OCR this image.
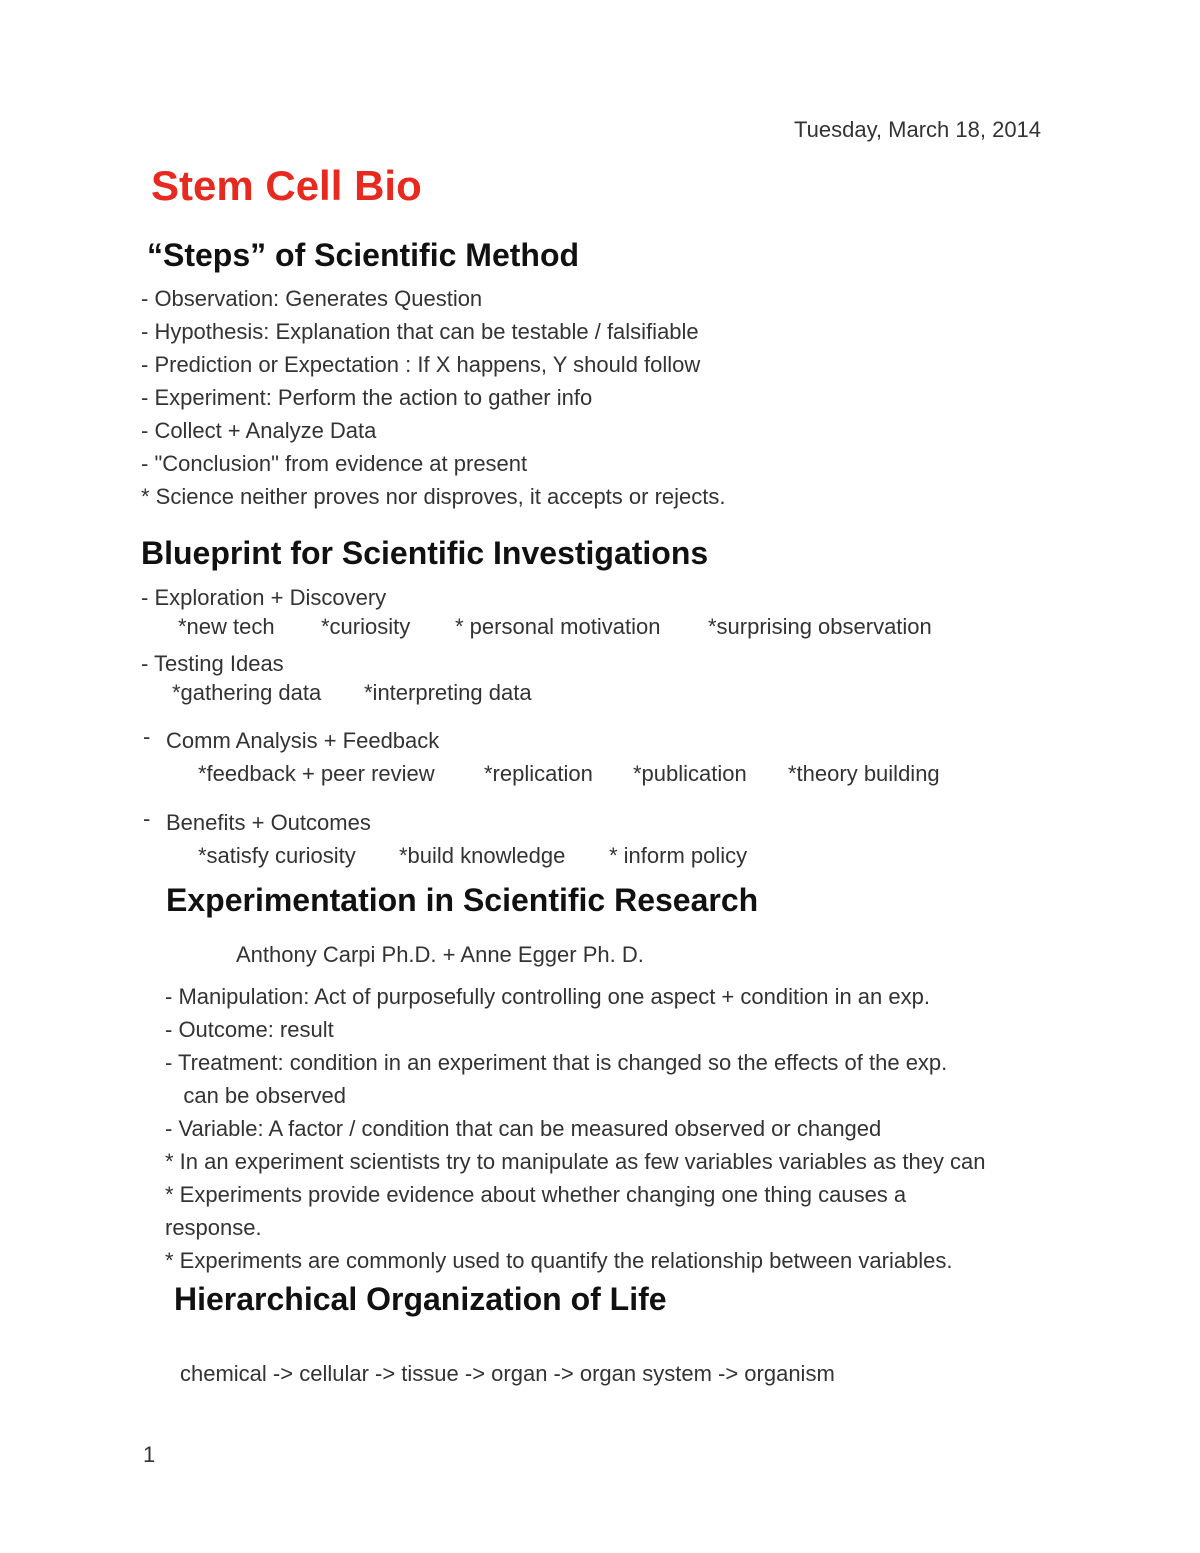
Tuesday, March 18, 2014
Stem Cell Bio
“Steps” of Scientific Method
- Observation: Generates Question
- Hypothesis: Explanation that can be testable / falsifiable
- Prediction or Expectation : If X happens, Y should follow
- Experiment: Perform the action to gather info
- Collect + Analyze Data
- "Conclusion" from evidence at present
* Science neither proves nor disproves, it accepts or rejects.
Blueprint for Scientific Investigations
- Exploration + Discovery
*new tech *curiosity * personal motivation *surprising observation
- Testing Ideas
*gathering data *interpreting data
- Comm Analysis + Feedback
*feedback + peer review *replication *publication *theory building
- Benefits + Outcomes
*satisfy curiosity *build knowledge * inform policy
Experimentation in Scientific Research
Anthony Carpi Ph.D. + Anne Egger Ph. D.
- Manipulation: Act of purposefully controlling one aspect + condition in an exp.
- Outcome: result
- Treatment: condition in an experiment that is changed so the effects of the exp.
can be observed
- Variable: A factor / condition that can be measured observed or changed
* In an experiment scientists try to manipulate as few variables variables as they can
* Experiments provide evidence about whether changing one thing causes a
response.
* Experiments are commonly used to quantify the relationship between variables.
Hierarchical Organization of Life
chemical -> cellular -> tissue -> organ -> organ system -> organism
1
